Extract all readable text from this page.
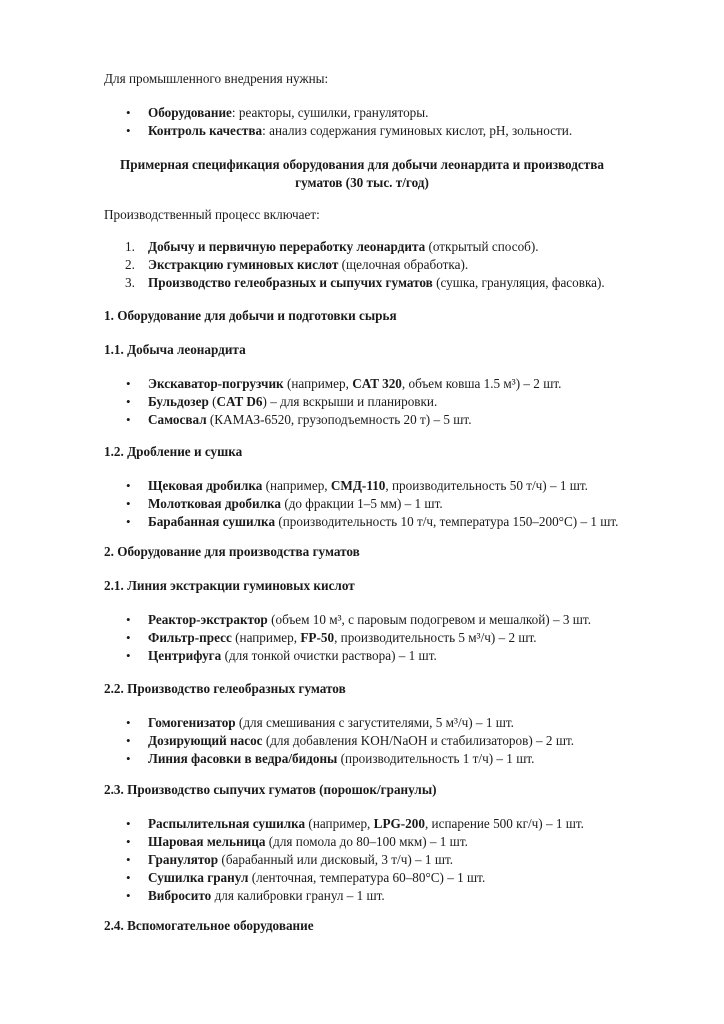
Для промышленного внедрения нужны:

• Оборудование: реакторы, сушилки, грануляторы.
• Контроль качества: анализ содержания гуминовых кислот, pH, зольности.

Примерная спецификация оборудования для добычи леонардита и производства

гуматов (30 тыс. т/год)

Производственный процесс включает:

1. Добычу и первичную переработку леонардита (открытый способ).
2. Экстракцию гуминовых кислот (щелочная обработка).
3. Производство гелеобразных и сыпучих гуматов (сушка, грануляция, фасовка).

1. Оборудование для добычи и подготовки сырья

1.1. Добыча леонардита

• Экскаватор-погрузчик (например, CAT 320, объем ковша 1.5 м³) – 2 шт.
• Бульдозер (CAT D6) – для вскрыши и планировки.
• Самосвал (КАМАЗ-6520, грузоподъемность 20 т) – 5 шт.

1.2. Дробление и сушка

• Щековая дробилка (например, СМД-110, производительность 50 т/ч) – 1 шт.
• Молотковая дробилка (до фракции 1–5 мм) – 1 шт.
• Барабанная сушилка (производительность 10 т/ч, температура 150–200°C) – 1 шт.

2. Оборудование для производства гуматов

2.1. Линия экстракции гуминовых кислот

• Реактор-экстрактор (объем 10 м³, с паровым подогревом и мешалкой) – 3 шт.
• Фильтр-пресс (например, FP-50, производительность 5 м³/ч) – 2 шт.
• Центрифуга (для тонкой очистки раствора) – 1 шт.

2.2. Производство гелеобразных гуматов

• Гомогенизатор (для смешивания с загустителями, 5 м³/ч) – 1 шт.
• Дозирующий насос (для добавления KOH/NaOH и стабилизаторов) – 2 шт.
• Линия фасовки в ведра/бидоны (производительность 1 т/ч) – 1 шт.

2.3. Производство сыпучих гуматов (порошок/гранулы)

• Распылительная сушилка (например, LPG-200, испарение 500 кг/ч) – 1 шт.
• Шаровая мельница (для помола до 80–100 мкм) – 1 шт.
• Гранулятор (барабанный или дисковый, 3 т/ч) – 1 шт.
• Сушилка гранул (ленточная, температура 60–80°C) – 1 шт.
• Вибросито для калибровки гранул – 1 шт.

2.4. Вспомогательное оборудование
